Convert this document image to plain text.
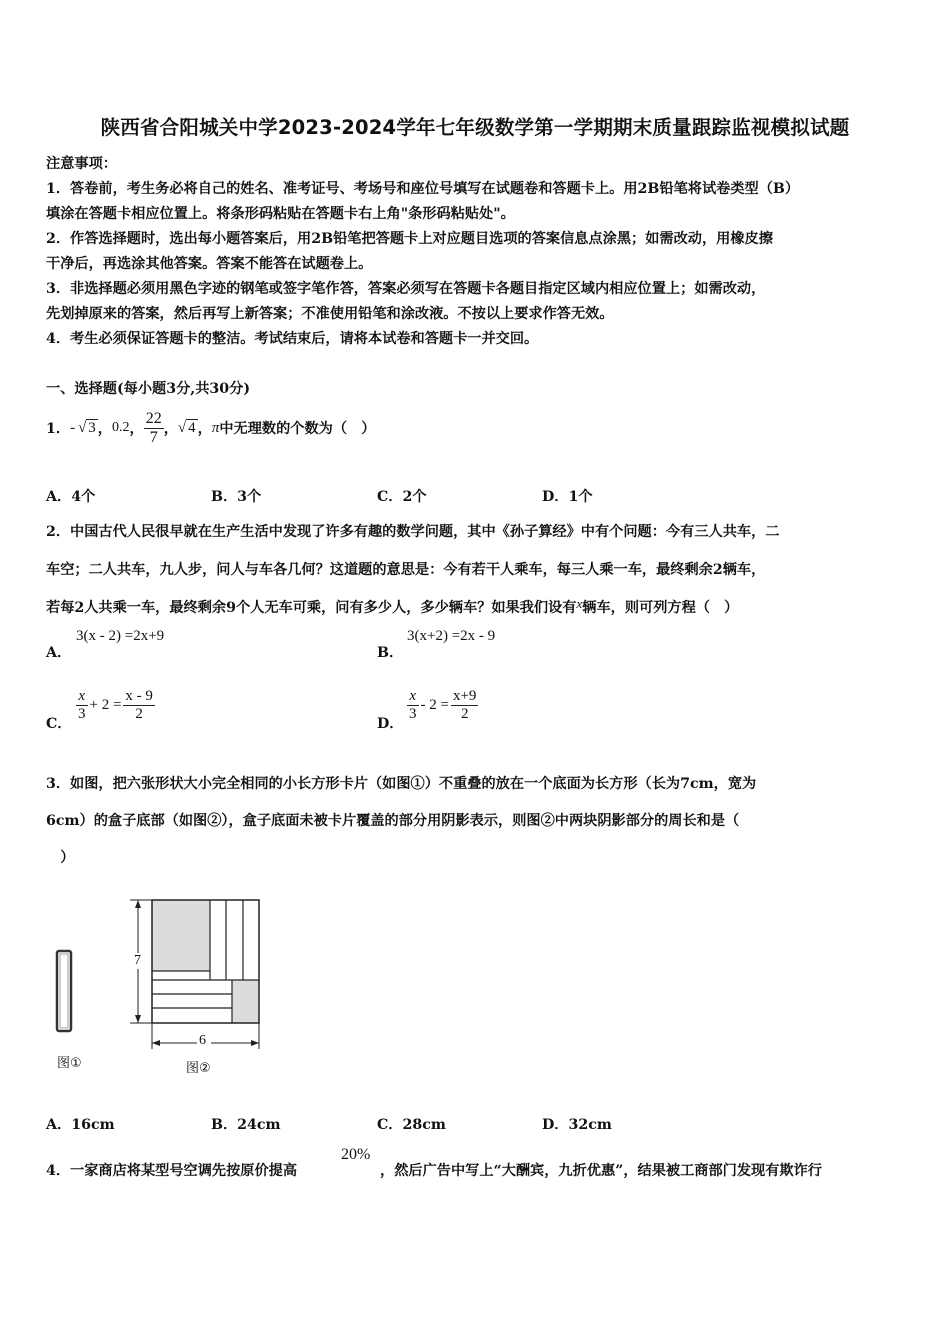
陕西省合阳城关中学2023-2024学年七年级数学第一学期期末质量跟踪监视模拟试题
注意事项：
1．答卷前，考生务必将自己的姓名、准考证号、考场号和座位号填写在试题卷和答题卡上。用2B铅笔将试卷类型（B）
填涂在答题卡相应位置上。将条形码粘贴在答题卡右上角"条形码粘贴处"。
2．作答选择题时，选出每小题答案后，用2B铅笔把答题卡上对应题目选项的答案信息点涂黑；如需改动，用橡皮擦
干净后，再选涂其他答案。答案不能答在试题卷上。
3．非选择题必须用黑色字迹的钢笔或签字笔作答，答案必须写在答题卡各题目指定区域内相应位置上；如需改动，
先划掉原来的答案，然后再写上新答案；不准使用铅笔和涂改液。不按以上要求作答无效。
4．考生必须保证答题卡的整洁。考试结束后，请将本试卷和答题卡一并交回。
一、选择题(每小题3分,共30分)
1． - √ 3 ， 0.2 ， $\frac{22}{7}$ ， √ 4 ， π 中无理数的个数为（　）
A．4个	B．3个	C．2个	D．1个
2．中国古代人民很早就在生产生活中发现了许多有趣的数学问题，其中《孙子算经》中有个问题：今有三人共车，二
车空；二人共车，九人步，问人与车各几何？这道题的意思是：今有若干人乘车，每三人乘一车，最终剩余2辆车，
若每2人共乘一车，最终剩余9个人无车可乘，问有多少人，多少辆车？如果我们设有x辆车，则可列方程（　）
A．
3(x - 2) =2x+9
B．
3(x+2) =2x - 9
C．
$\frac{x}{3} + 2 = \frac{x - 9}{2}$
D．
$\frac{x}{3} - 2 = \frac{x+9}{2}$
3．如图，把六张形状大小完全相同的小长方形卡片（如图①）不重叠的放在一个底面为长方形（长为7cm，宽为
6cm）的盒子底部（如图②），盒子底面未被卡片覆盖的部分用阴影表示，则图②中两块阴影部分的周长和是（
　）
图①
7
6
图②
A．16cm	B．24cm	C．28cm	D．32cm
4．一家商店将某型号空调先按原价提高
20%
，然后广告中写上“大酬宾，九折优惠”，结果被工商部门发现有欺诈行
